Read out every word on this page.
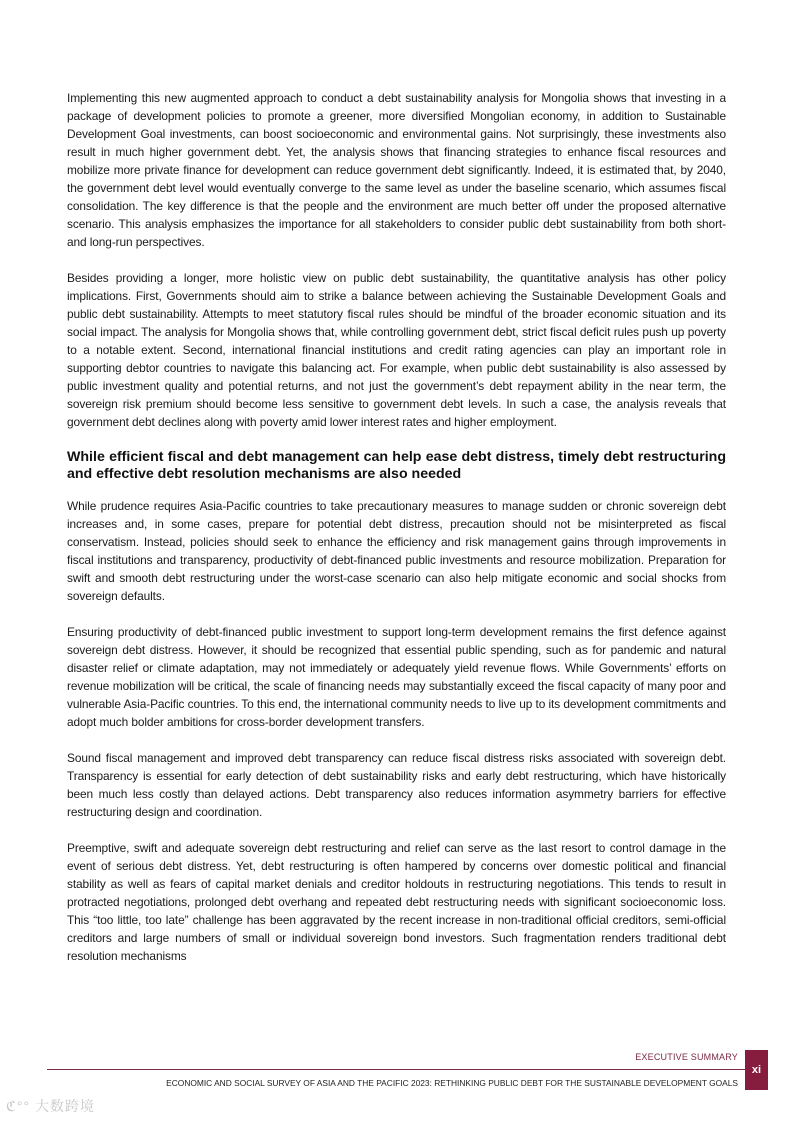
Implementing this new augmented approach to conduct a debt sustainability analysis for Mongolia shows that investing in a package of development policies to promote a greener, more diversified Mongolian economy, in addition to Sustainable Development Goal investments, can boost socioeconomic and environmental gains. Not surprisingly, these investments also result in much higher government debt. Yet, the analysis shows that financing strategies to enhance fiscal resources and mobilize more private finance for development can reduce government debt significantly. Indeed, it is estimated that, by 2040, the government debt level would eventually converge to the same level as under the baseline scenario, which assumes fiscal consolidation. The key difference is that the people and the environment are much better off under the proposed alternative scenario. This analysis emphasizes the importance for all stakeholders to consider public debt sustainability from both short- and long-run perspectives.

Besides providing a longer, more holistic view on public debt sustainability, the quantitative analysis has other policy implications. First, Governments should aim to strike a balance between achieving the Sustainable Development Goals and public debt sustainability. Attempts to meet statutory fiscal rules should be mindful of the broader economic situation and its social impact. The analysis for Mongolia shows that, while controlling government debt, strict fiscal deficit rules push up poverty to a notable extent. Second, international financial institutions and credit rating agencies can play an important role in supporting debtor countries to navigate this balancing act. For example, when public debt sustainability is also assessed by public investment quality and potential returns, and not just the government’s debt repayment ability in the near term, the sovereign risk premium should become less sensitive to government debt levels. In such a case, the analysis reveals that government debt declines along with poverty amid lower interest rates and higher employment.

While efficient fiscal and debt management can help ease debt distress, timely debt restructuring and effective debt resolution mechanisms are also needed

While prudence requires Asia-Pacific countries to take precautionary measures to manage sudden or chronic sovereign debt increases and, in some cases, prepare for potential debt distress, precaution should not be misinterpreted as fiscal conservatism. Instead, policies should seek to enhance the efficiency and risk management gains through improvements in fiscal institutions and transparency, productivity of debt-financed public investments and resource mobilization. Preparation for swift and smooth debt restructuring under the worst-case scenario can also help mitigate economic and social shocks from sovereign defaults.

Ensuring productivity of debt-financed public investment to support long-term development remains the first defence against sovereign debt distress. However, it should be recognized that essential public spending, such as for pandemic and natural disaster relief or climate adaptation, may not immediately or adequately yield revenue flows. While Governments’ efforts on revenue mobilization will be critical, the scale of financing needs may substantially exceed the fiscal capacity of many poor and vulnerable Asia-Pacific countries. To this end, the international community needs to live up to its development commitments and adopt much bolder ambitions for cross-border development transfers.

Sound fiscal management and improved debt transparency can reduce fiscal distress risks associated with sovereign debt. Transparency is essential for early detection of debt sustainability risks and early debt restructuring, which have historically been much less costly than delayed actions. Debt transparency also reduces information asymmetry barriers for effective restructuring design and coordination.

Preemptive, swift and adequate sovereign debt restructuring and relief can serve as the last resort to control damage in the event of serious debt distress. Yet, debt restructuring is often hampered by concerns over domestic political and financial stability as well as fears of capital market denials and creditor holdouts in restructuring negotiations. This tends to result in protracted negotiations, prolonged debt overhang and repeated debt restructuring needs with significant socioeconomic loss. This “too little, too late” challenge has been aggravated by the recent increase in non-traditional official creditors, semi-official creditors and large numbers of small or individual sovereign bond investors. Such fragmentation renders traditional debt resolution mechanisms

EXECUTIVE SUMMARY
ECONOMIC AND SOCIAL SURVEY OF ASIA AND THE PACIFIC 2023: RETHINKING PUBLIC DEBT FOR THE SUSTAINABLE DEVELOPMENT GOALS
xi
ℭ°° 大数跨境
